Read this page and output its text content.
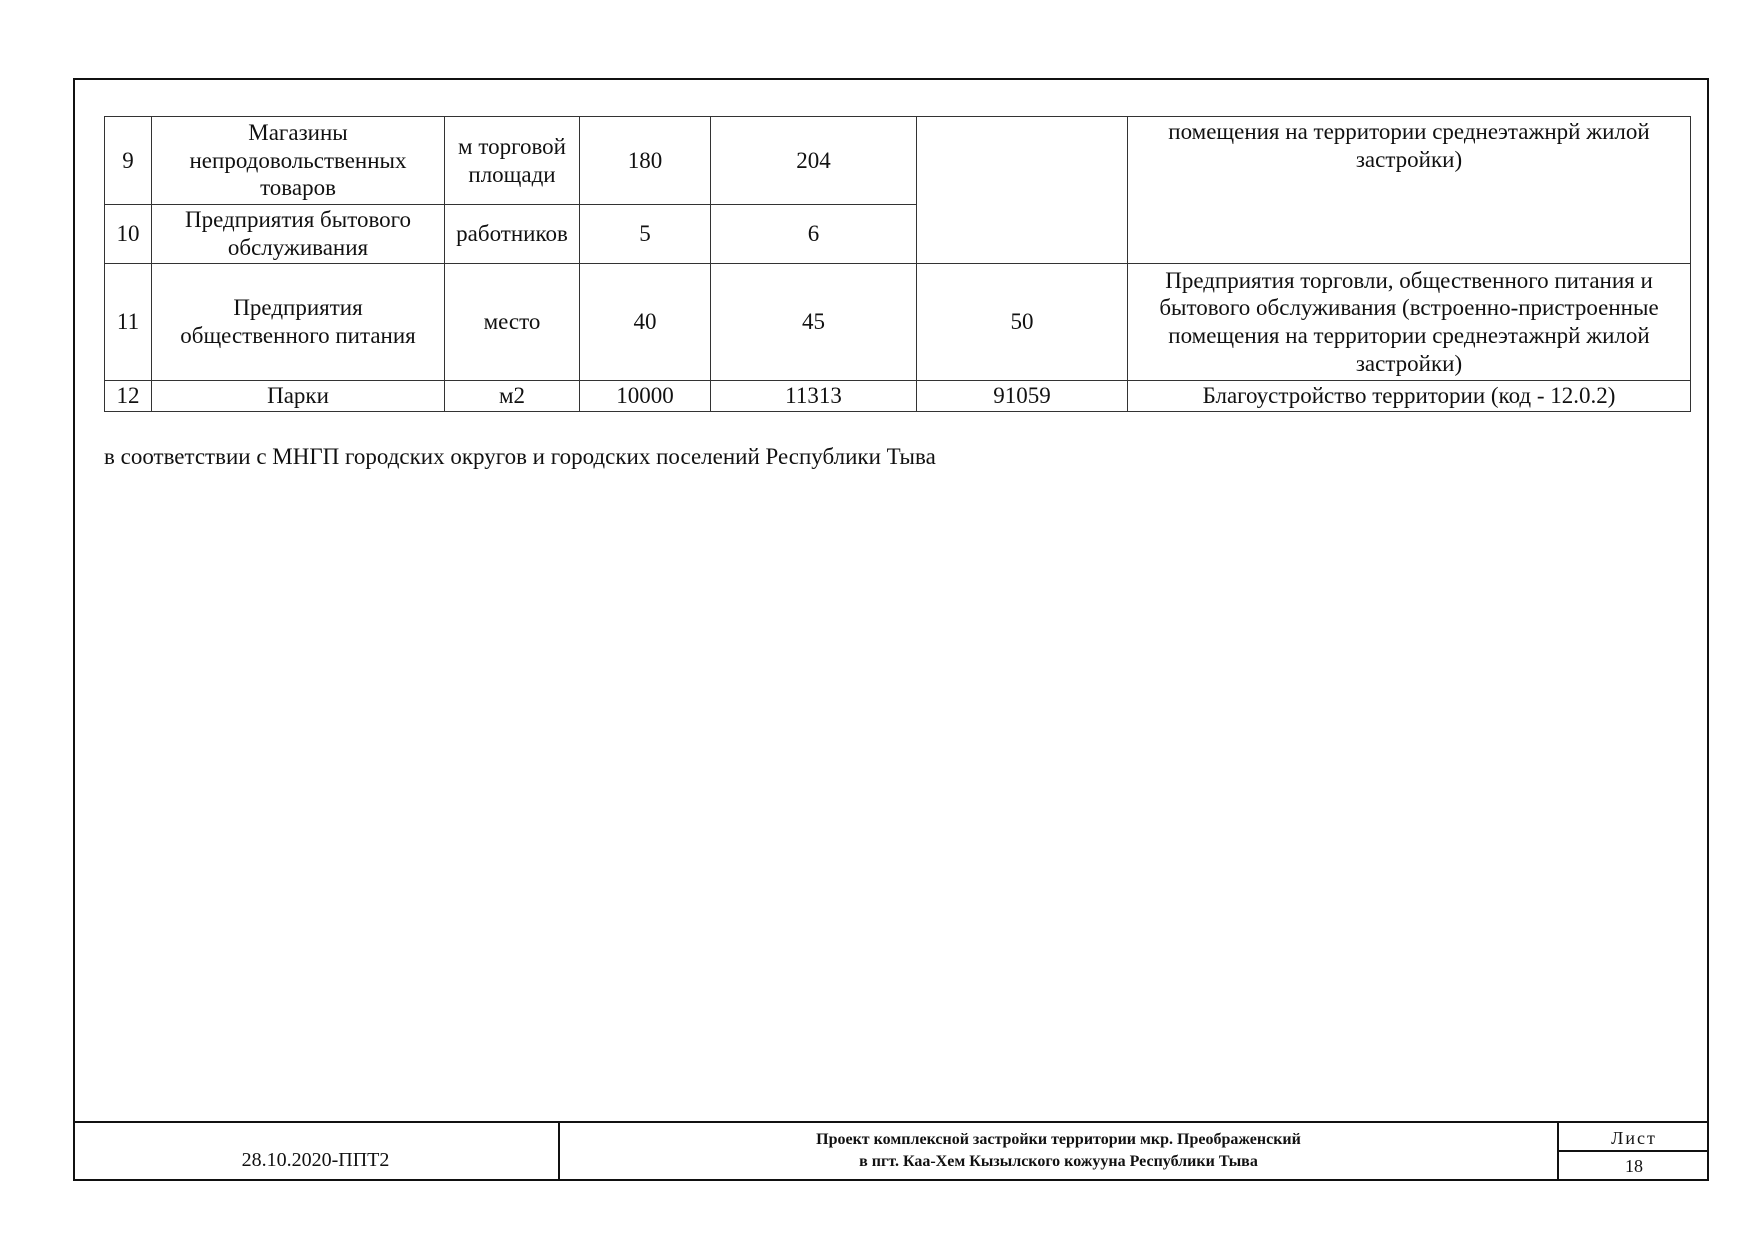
9	Магазины непродовольственных товаров	м торговой площади	180	204		помещения на территории среднеэтажнрй жилой застройки)
10	Предприятия бытового обслуживания	работников	5	6		
11	Предприятия общественного питания	место	40	45	50	Предприятия торговли, общественного питания и бытового обслуживания (встроенно-пристроенные помещения на территории среднеэтажнрй жилой застройки)
12	Парки	м2	10000	11313	91059	Благоустройство территории (код - 12.0.2)
в соответствии с МНГП городских округов и городских поселений Республики Тыва
28.10.2020-ППТ2
Проект комплексной застройки территории мкр. Преображенский
в пгт. Каа-Хем Кызылского кожууна Республики Тыва
Лист
18
